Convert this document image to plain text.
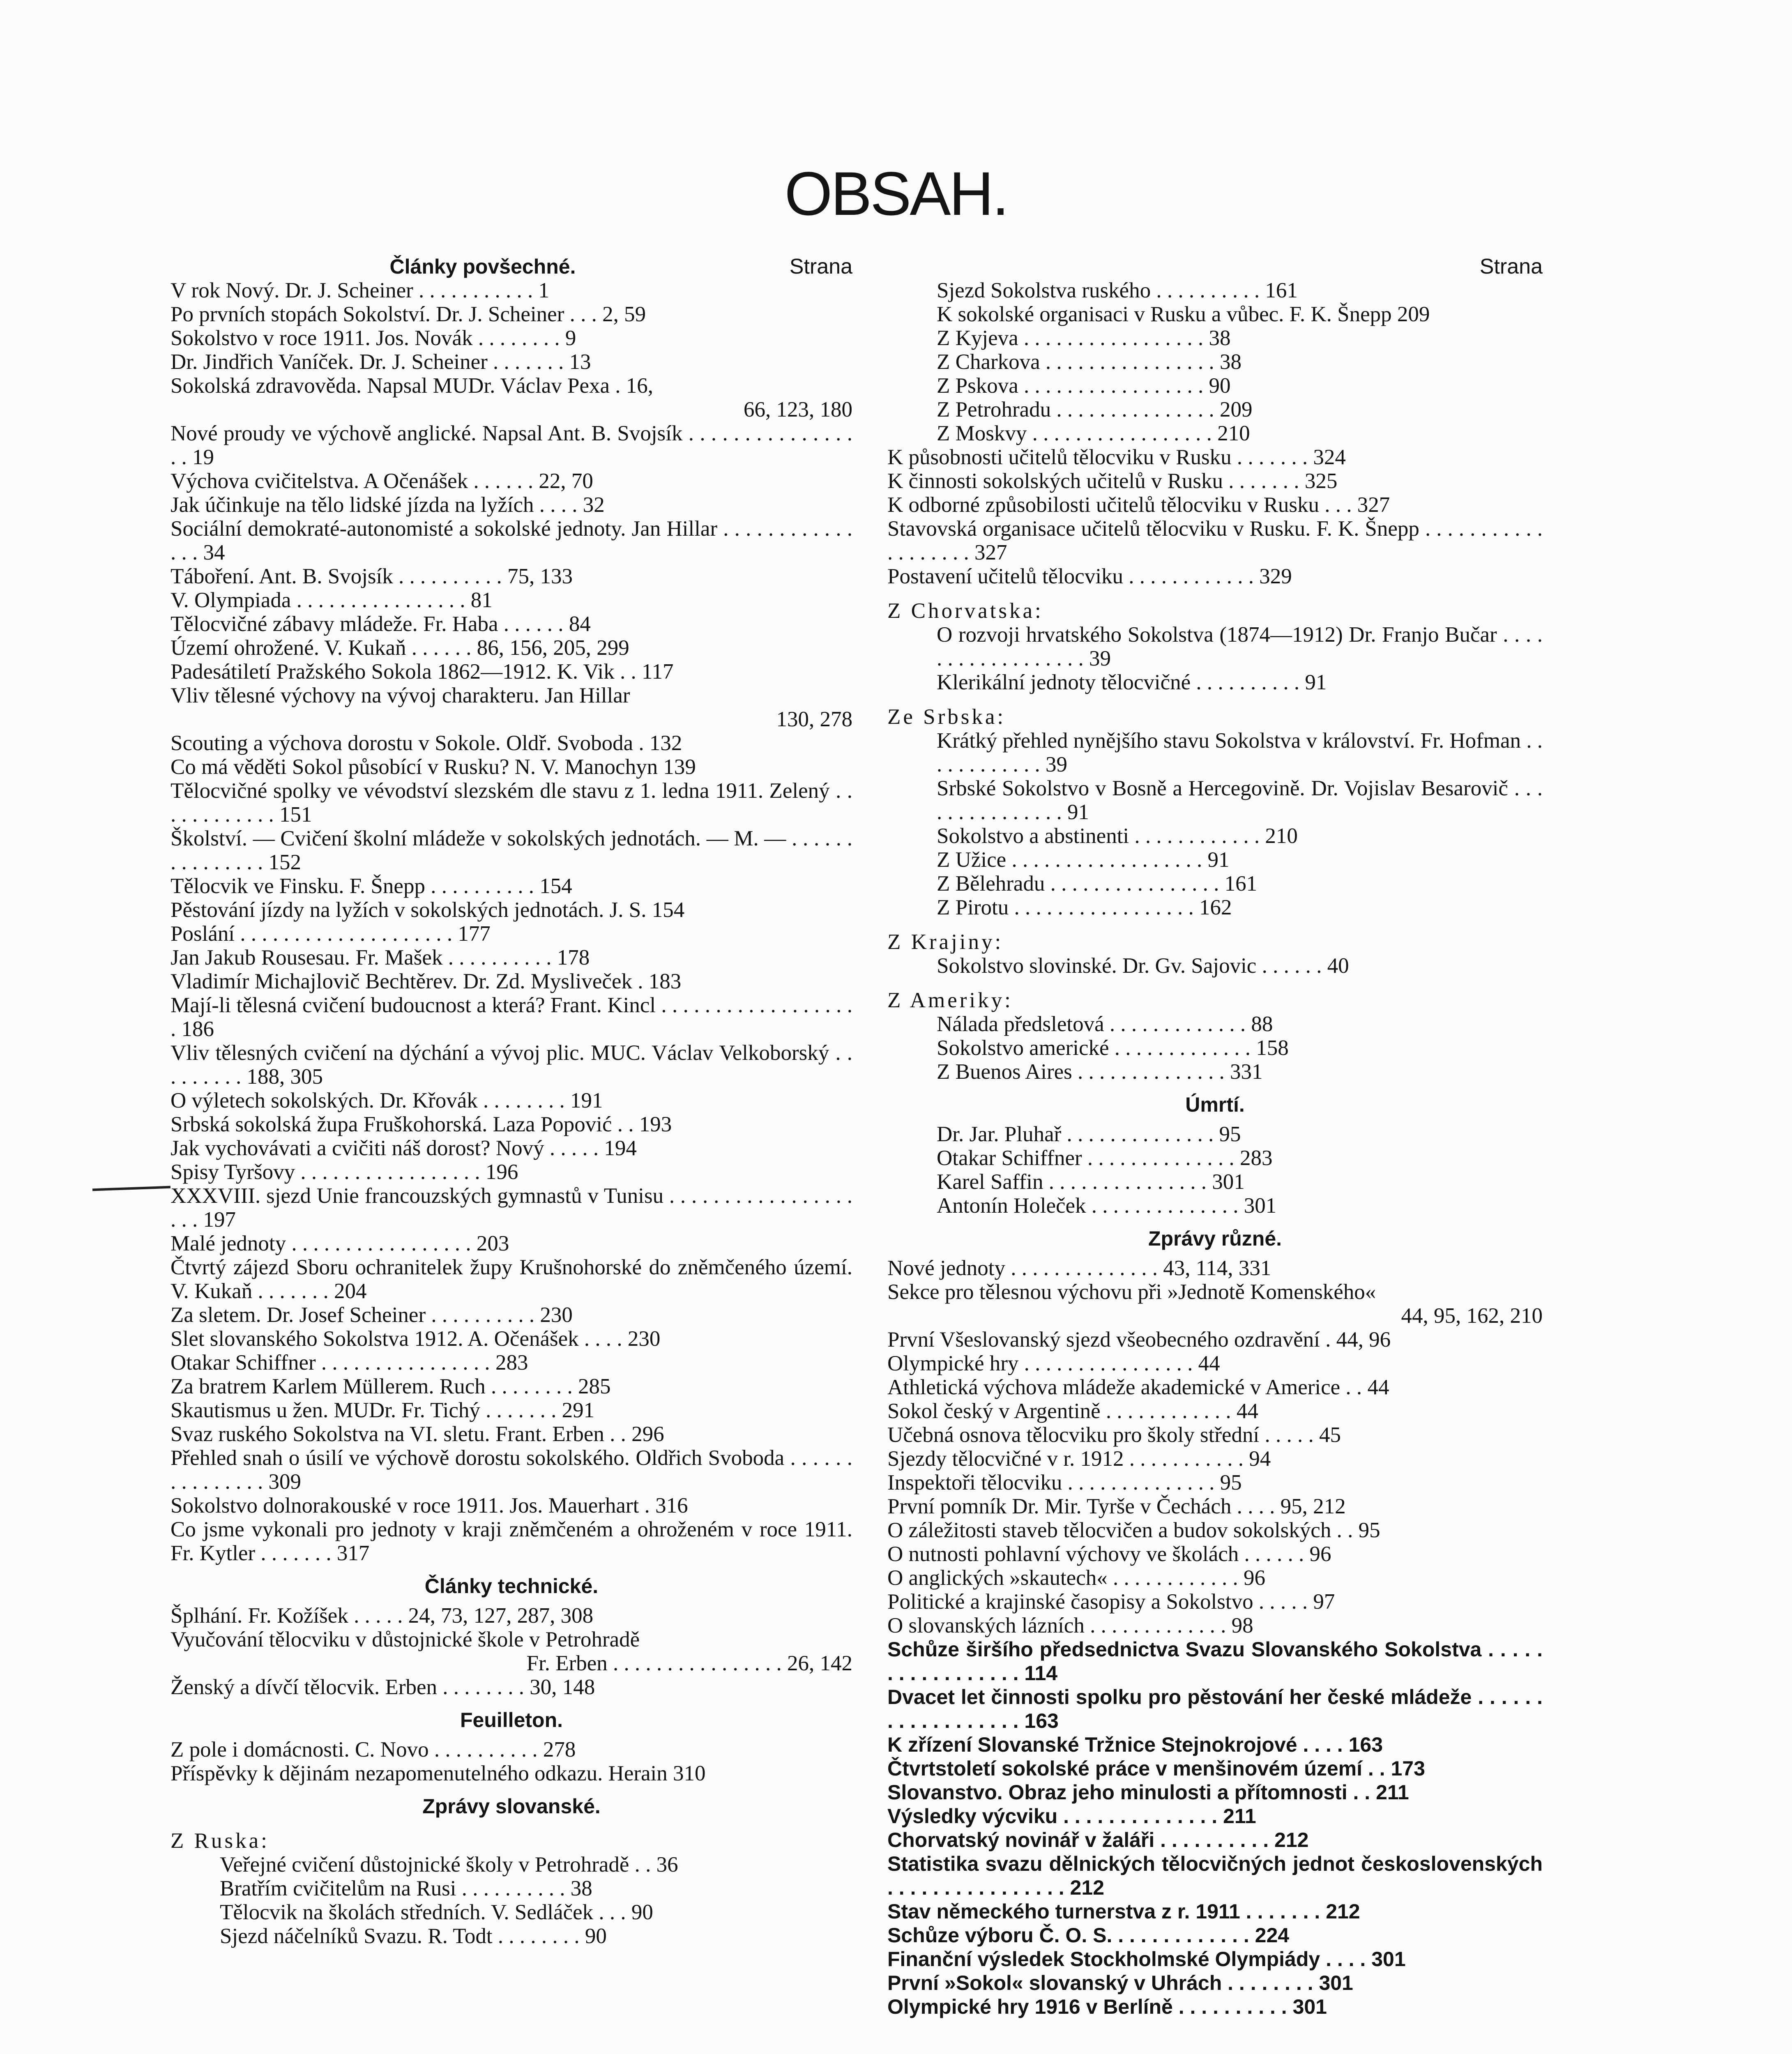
OBSAH.
Články povšechné.	Strana

V rok Nový. Dr. J. Scheiner . . . . . . . . . . . 1

Po prvních stopách Sokolství. Dr. J. Scheiner . . . 2, 59

Sokolstvo v roce 1911. Jos. Novák . . . . . . . . 9

Dr. Jindřich Vaníček. Dr. J. Scheiner . . . . . . . 13

Sokolská zdravověda. Napsal MUDr. Václav Pexa . 16,

66, 123, 180

Nové proudy ve výchově anglické. Napsal Ant. B. Svojsík . . . . . . . . . . . . . . . . . 19

Výchova cvičitelstva. A Očenášek . . . . . . 22, 70

Jak účinkuje na tělo lidské jízda na lyžích . . . . 32

Sociální demokraté-autonomisté a sokolské jednoty. Jan Hillar . . . . . . . . . . . . . . . 34

Táboření. Ant. B. Svojsík . . . . . . . . . . 75, 133

V. Olympiada . . . . . . . . . . . . . . . . 81

Tělocvičné zábavy mládeže. Fr. Haba . . . . . . 84

Území ohrožené. V. Kukaň . . . . . . 86, 156, 205, 299

Padesátiletí Pražského Sokola 1862—1912. K. Vik . . 117

Vliv tělesné výchovy na vývoj charakteru. Jan Hillar

130, 278

Scouting a výchova dorostu v Sokole. Oldř. Svoboda . 132

Co má věděti Sokol působící v Rusku? N. V. Manochyn 139

Tělocvičné spolky ve vévodství slezském dle stavu z 1. ledna 1911. Zelený . . . . . . . . . . . . 151

Školství. — Cvičení školní mládeže v sokolských jednotách. — M. — . . . . . . . . . . . . . . . 152

Tělocvik ve Finsku. F. Šnepp . . . . . . . . . . 154

Pěstování jízdy na lyžích v sokolských jednotách. J. S. 154

Poslání . . . . . . . . . . . . . . . . . . . . 177

Jan Jakub Rousesau. Fr. Mašek . . . . . . . . . . 178

Vladimír Michajlovič Bechtěrev. Dr. Zd. Mysliveček . 183

Mají-li tělesná cvičení budoucnost a která? Frant. Kincl . . . . . . . . . . . . . . . . . . . 186

Vliv tělesných cvičení na dýchání a vývoj plic. MUC. Václav Velkoborský . . . . . . . . . 188, 305

O výletech sokolských. Dr. Křovák . . . . . . . . 191

Srbská sokolská župa Fruškohorská. Laza Popović . . 193

Jak vychovávati a cvičiti náš dorost? Nový . . . . . 194

Spisy Tyršovy . . . . . . . . . . . . . . . . . 196

XXXVIII. sjezd Unie francouzských gymnastů v Tunisu . . . . . . . . . . . . . . . . . . . . 197

Malé jednoty . . . . . . . . . . . . . . . . . 203

Čtvrtý zájezd Sboru ochranitelek župy Krušnohorské do zněmčeného území. V. Kukaň . . . . . . . 204

Za sletem. Dr. Josef Scheiner . . . . . . . . . . 230

Slet slovanského Sokolstva 1912. A. Očenášek . . . . 230

Otakar Schiffner . . . . . . . . . . . . . . . . 283

Za bratrem Karlem Müllerem. Ruch . . . . . . . . 285

Skautismus u žen. MUDr. Fr. Tichý . . . . . . . 291

Svaz ruského Sokolstva na VI. sletu. Frant. Erben . . 296

Přehled snah o úsilí ve výchově dorostu sokolského. Oldřich Svoboda . . . . . . . . . . . . . . . 309

Sokolstvo dolnorakouské v roce 1911. Jos. Mauerhart . 316

Co jsme vykonali pro jednoty v kraji zněmčeném a ohroženém v roce 1911. Fr. Kytler . . . . . . . 317

Články technické.

Šplhání. Fr. Kožíšek . . . . . 24, 73, 127, 287, 308

Vyučování tělocviku v důstojnické škole v Petrohradě

Fr. Erben . . . . . . . . . . . . . . . . 26, 142

Ženský a dívčí tělocvik. Erben . . . . . . . . 30, 148

Feuilleton.

Z pole i domácnosti. C. Novo . . . . . . . . . . 278

Příspěvky k dějinám nezapomenutelného odkazu. Herain 310

Zprávy slovanské.
Z Ruska:

Veřejné cvičení důstojnické školy v Petrohradě . . 36

Bratřím cvičitelům na Rusi . . . . . . . . . . 38

Tělocvik na školách středních. V. Sedláček . . . 90

Sjezd náčelníků Svazu. R. Todt . . . . . . . . 90

Strana

Sjezd Sokolstva ruského . . . . . . . . . . 161

K sokolské organisaci v Rusku a vůbec. F. K. Šnepp 209

Z Kyjeva . . . . . . . . . . . . . . . . . 38

Z Charkova . . . . . . . . . . . . . . . . 38

Z Pskova . . . . . . . . . . . . . . . . . 90

Z Petrohradu . . . . . . . . . . . . . . . 209

Z Moskvy . . . . . . . . . . . . . . . . . 210

K působnosti učitelů tělocviku v Rusku . . . . . . . 324

K činnosti sokolských učitelů v Rusku . . . . . . . 325

K odborné způsobilosti učitelů tělocviku v Rusku . . . 327

Stavovská organisace učitelů tělocviku v Rusku. F. K. Šnepp . . . . . . . . . . . . . . . . . . . 327

Postavení učitelů tělocviku . . . . . . . . . . . . 329

Z Chorvatska:

O rozvoji hrvatského Sokolstva (1874—1912) Dr. Franjo Bučar . . . . . . . . . . . . . . . . . . 39

Klerikální jednoty tělocvičné . . . . . . . . . . 91

Ze Srbska:

Krátký přehled nynějšího stavu Sokolstva v království. Fr. Hofman . . . . . . . . . . . . 39

Srbské Sokolstvo v Bosně a Hercegovině. Dr. Vojislav Besarovič . . . . . . . . . . . . . . . 91

Sokolstvo a abstinenti . . . . . . . . . . . . 210

Z Užice . . . . . . . . . . . . . . . . . . 91

Z Bělehradu . . . . . . . . . . . . . . . . 161

Z Pirotu . . . . . . . . . . . . . . . . . 162

Z Krajiny:

Sokolstvo slovinské. Dr. Gv. Sajovic . . . . . . 40

Z Ameriky:

Nálada předsletová . . . . . . . . . . . . . 88

Sokolstvo americké . . . . . . . . . . . . . 158

Z Buenos Aires . . . . . . . . . . . . . . 331

Úmrtí.

Dr. Jar. Pluhař . . . . . . . . . . . . . . 95

Otakar Schiffner . . . . . . . . . . . . . . 283

Karel Saffin . . . . . . . . . . . . . . . 301

Antonín Holeček . . . . . . . . . . . . . . 301

Zprávy různé.

Nové jednoty . . . . . . . . . . . . . . 43, 114, 331

Sekce pro tělesnou výchovu při »Jednotě Komenského«

44, 95, 162, 210

První Všeslovanský sjezd všeobecného ozdravění . 44, 96

Olympické hry . . . . . . . . . . . . . . . . 44

Athletická výchova mládeže akademické v Americe . . 44

Sokol český v Argentině . . . . . . . . . . . . 44

Učebná osnova tělocviku pro školy střední . . . . . 45

Sjezdy tělocvičné v r. 1912 . . . . . . . . . . . 94

Inspektoři tělocviku . . . . . . . . . . . . . . 95

První pomník Dr. Mir. Tyrše v Čechách . . . . 95, 212

O záležitosti staveb tělocvičen a budov sokolských . . 95

O nutnosti pohlavní výchovy ve školách . . . . . . 96

O anglických »skautech« . . . . . . . . . . . . 96

Politické a krajinské časopisy a Sokolstvo . . . . . 97

O slovanských lázních . . . . . . . . . . . . . 98

Schůze širšího předsednictva Svazu Slovanského Sokolstva . . . . . . . . . . . . . . . . . 114

Dvacet let činnosti spolku pro pěstování her české mládeže . . . . . . . . . . . . . . . . . . 163

K zřízení Slovanské Tržnice Stejnokrojové . . . . 163

Čtvrtstoletí sokolské práce v menšinovém území . . 173

Slovanstvo. Obraz jeho minulosti a přítomnosti . . 211

Výsledky výcviku . . . . . . . . . . . . . . 211

Chorvatský novinář v žaláři . . . . . . . . . . 212

Statistika svazu dělnických tělocvičných jednot československých . . . . . . . . . . . . . . . . 212

Stav německého turnerstva z r. 1911 . . . . . . . 212

Schůze výboru Č. O. S. . . . . . . . . . . . . 224

Finanční výsledek Stockholmské Olympiády . . . . 301

První »Sokol« slovanský v Uhrách . . . . . . . . 301

Olympické hry 1916 v Berlíně . . . . . . . . . . 301
